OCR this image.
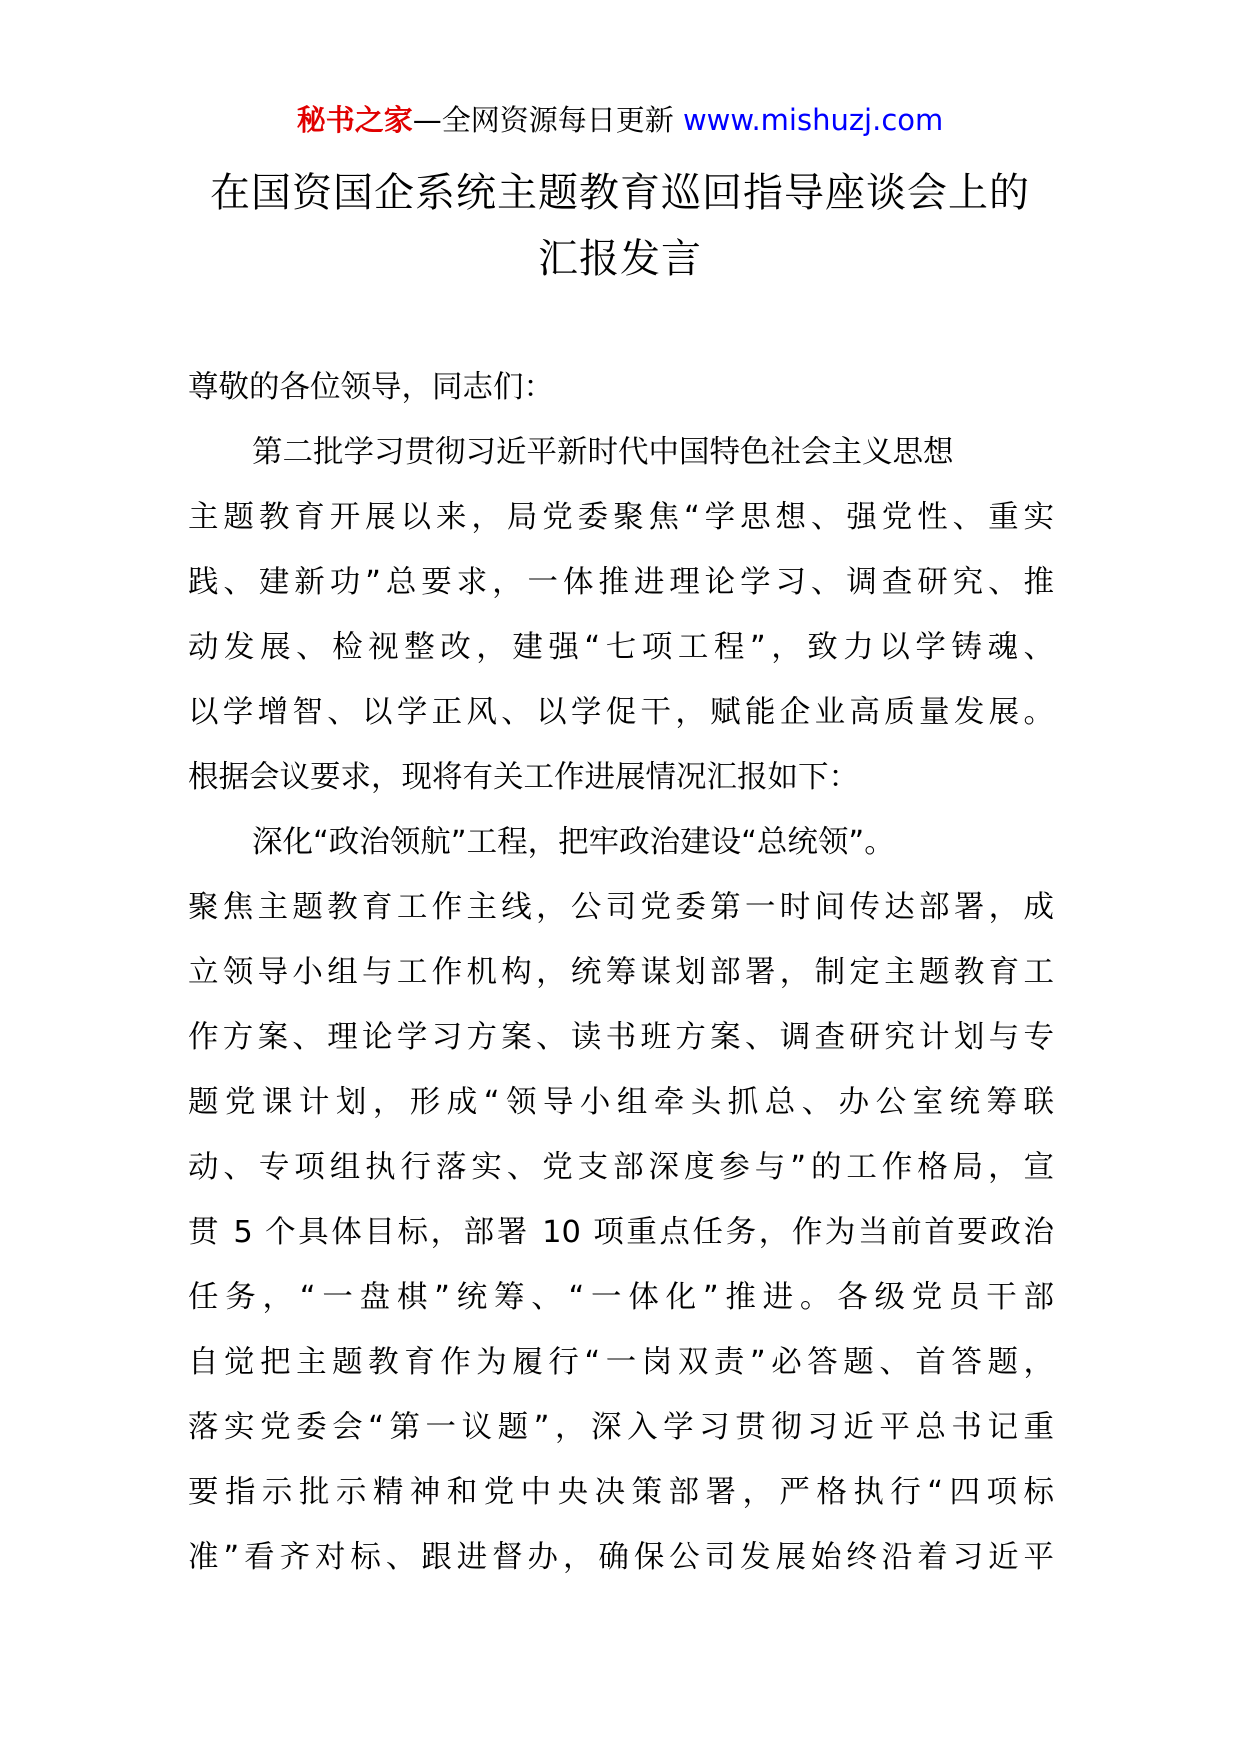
秘书之家—全网资源每日更新 www.mishuzj.com
在国资国企系统主题教育巡回指导座谈会上的
汇报发言
尊敬的各位领导，同志们：
第二批学习贯彻习近平新时代中国特色社会主义思想
主题教育开展以来，局党委聚焦“学思想、强党性、重实
践、建新功”总要求，一体推进理论学习、调查研究、推
动发展、检视整改，建强“七项工程”，致力以学铸魂、
以学增智、以学正风、以学促干，赋能企业高质量发展。
根据会议要求，现将有关工作进展情况汇报如下：
深化“政治领航”工程，把牢政治建设“总统领”。
聚焦主题教育工作主线，公司党委第一时间传达部署，成
立领导小组与工作机构，统筹谋划部署，制定主题教育工
作方案、理论学习方案、读书班方案、调查研究计划与专
题党课计划，形成“领导小组牵头抓总、办公室统筹联
动、专项组执行落实、党支部深度参与”的工作格局，宣
贯 5 个具体目标，部署 10 项重点任务，作为当前首要政治
任务，“一盘棋”统筹、“一体化”推进。各级党员干部
自觉把主题教育作为履行“一岗双责”必答题、首答题，
落实党委会“第一议题”，深入学习贯彻习近平总书记重
要指示批示精神和党中央决策部署，严格执行“四项标
准”看齐对标、跟进督办，确保公司发展始终沿着习近平
